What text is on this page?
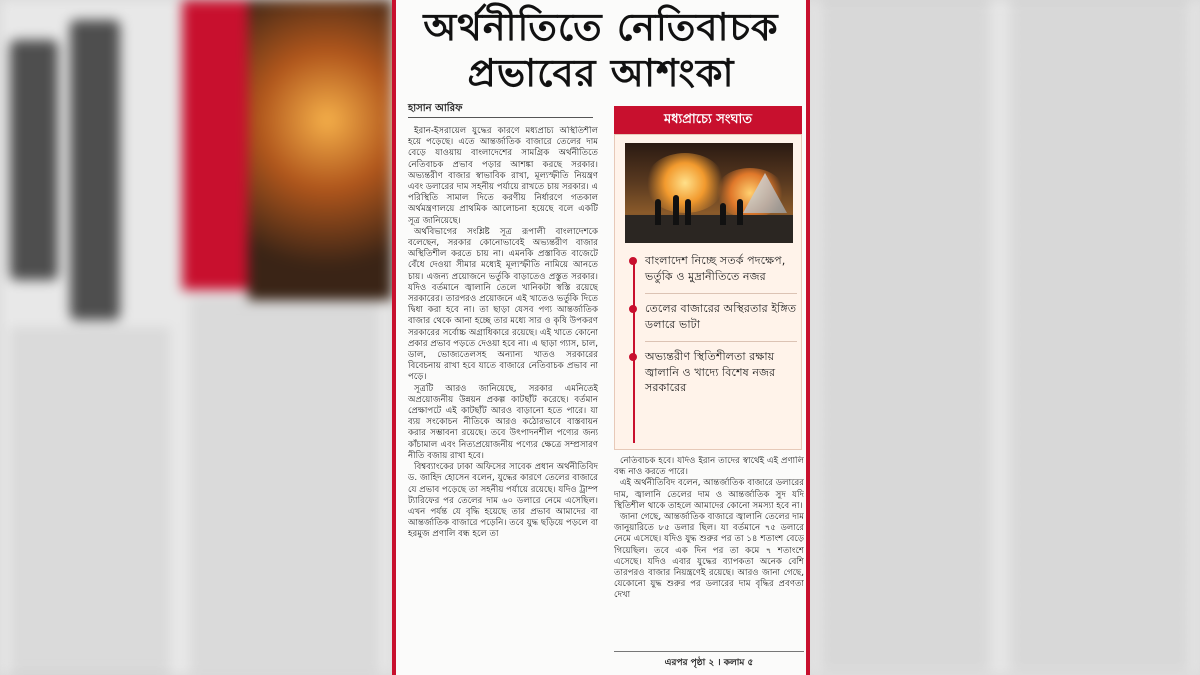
অর্থনীতিতে নেতিবাচক
প্রভাবের আশংকা
হাসান আরিফ

ইরান-ইসরায়েল যুদ্ধের কারণে মধ্যপ্রাচ্য অস্থিতিশীল হয়ে পড়েছে। এতে আন্তর্জাতিক বাজারে তেলের দাম বেড়ে যাওয়ায় বাংলাদেশের সামগ্রিক অর্থনীতিতে নেতিবাচক প্রভাব পড়ার আশঙ্কা করছে সরকার। অভ্যন্তরীণ বাজার স্বাভাবিক রাখা, মূল্যস্ফীতি নিয়ন্ত্রণ এবং ডলারের দাম সহনীয় পর্যায়ে রাখতে চায় সরকার। এ পরিস্থিতি সামাল দিতে করণীয় নির্ধারণে গতকাল অর্থমন্ত্রণালয়ে প্রাথমিক আলোচনা হয়েছে বলে একটি সূত্র জানিয়েছে।

অর্থবিভাগের সংশ্লিষ্ট সূত্র রূপালী বাংলাদেশকে বলেছেন, সরকার কোনোভাবেই অভ্যন্তরীণ বাজার অস্থিতিশীল করতে চায় না। এমনকি প্রস্তাবিত বাজেটে বেঁধে দেওয়া সীমার মধ্যেই মূল্যস্ফীতি নামিয়ে আনতে চায়। এজন্য প্রয়োজনে ভর্তুকি বাড়াতেও প্রস্তুত সরকার। যদিও বর্তমানে জ্বালানি তেলে খানিকটা স্বস্তি রয়েছে সরকারের। তারপরও প্রয়োজনে এই খাতেও ভর্তুকি দিতে দ্বিধা করা হবে না। তা ছাড়া যেসব পণ্য আন্তর্জাতিক বাজার থেকে আনা হচ্ছে তার মধ্যে সার ও কৃষি উপকরণ সরকারের সর্বোচ্চ অগ্রাধিকারে রয়েছে। এই খাতে কোনো প্রকার প্রভাব পড়তে দেওয়া হবে না। এ ছাড়া গ্যাস, চাল, ডাল, ভোজ্যতেলসহ অন্যান্য খাতও সরকারের বিবেচনায় রাখা হবে যাতে বাজারে নেতিবাচক প্রভাব না পড়ে।

সূত্রটি আরও জানিয়েছে, সরকার এমনিতেই অপ্রয়োজনীয় উন্নয়ন প্রকল্প কাটছাঁট করেছে। বর্তমান প্রেক্ষাপটে এই কাটছাঁট আরও বাড়ানো হতে পারে। যা ব্যয় সংকোচন নীতিকে আরও কঠোরভাবে বাস্তবায়ন করার সম্ভাবনা রয়েছে। তবে উৎপাদনশীল পণ্যের জন্য কাঁচামাল এবং নিত্যপ্রয়োজনীয় পণ্যের ক্ষেত্রে সম্প্রসারণ নীতি বজায় রাখা হবে।

বিশ্বব্যাংকের ঢাকা অফিসের সাবেক প্রধান অর্থনীতিবিদ ড. জাহিদ হোসেন বলেন, যুদ্ধের কারণে তেলের বাজারে যে প্রভাব পড়েছে তা সহনীয় পর্যায়ে রয়েছে। যদিও ট্রাম্প ট্যারিফের পর তেলের দাম ৬০ ডলারে নেমে এসেছিল। এখন পর্যন্ত যে বৃদ্ধি হয়েছে তার প্রভাব আমাদের বা আন্তর্জাতিক বাজারে পড়েনি। তবে যুদ্ধ ছড়িয়ে পড়লে বা হরমুজ প্রণালি বন্ধ হলে তা

মধ্যপ্রাচ্যে সংঘাত
বাংলাদেশ নিচ্ছে সতর্ক পদক্ষেপ, ভর্তুকি ও মুদ্রানীতিতে নজর
তেলের বাজারের অস্থিরতার ইঙ্গিত ডলারে ভাটা
অভ্যন্তরীণ স্থিতিশীলতা রক্ষায় জ্বালানি ও খাদ্যে বিশেষ নজর সরকারের

নেতিবাচক হবে। যদিও ইরান তাদের স্বার্থেই এই প্রণালি বন্ধ নাও করতে পারে।

এই অর্থনীতিবিদ বলেন, আন্তর্জাতিক বাজারে ডলারের দাম, জ্বালানি তেলের দাম ও আন্তর্জাতিক সুদ যদি স্থিতিশীল থাকে তাহলে আমাদের কোনো সমস্যা হবে না।

জানা গেছে, আন্তর্জাতিক বাজারে জ্বালানি তেলের দাম জানুয়ারিতে ৮৫ ডলার ছিল। যা বর্তমানে ৭৫ ডলারে নেমে এসেছে। যদিও যুদ্ধ শুরুর পর তা ১৪ শতাংশ বেড়ে গিয়েছিল। তবে এক দিন পর তা কমে ৭ শতাংশে এসেছে। যদিও এবার যুদ্ধের ব্যাপকতা অনেক বেশি তারপরও বাজার নিয়ন্ত্রণেই রয়েছে। আরও জানা গেছে, যেকোনো যুদ্ধ শুরুর পর ডলারের দাম বৃদ্ধির প্রবণতা দেখা

এরপর পৃষ্ঠা ২ । কলাম ৫
